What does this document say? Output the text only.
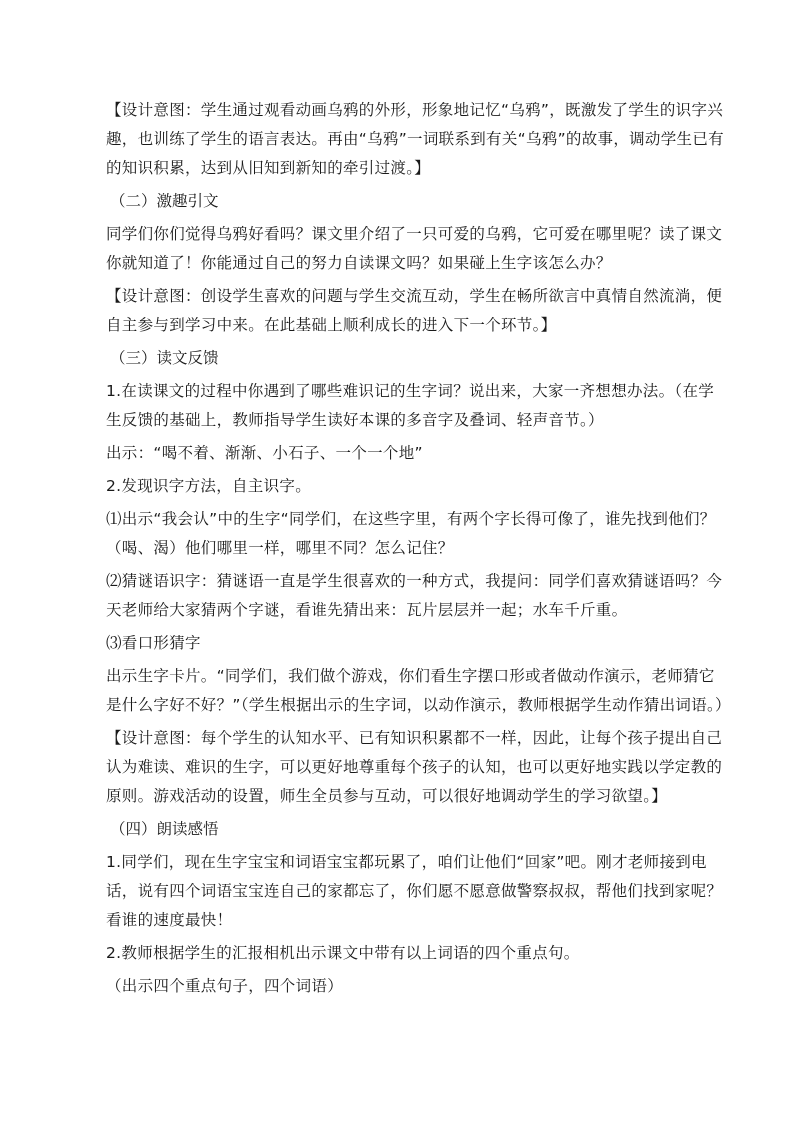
【设计意图：学生通过观看动画乌鸦的外形，形象地记忆“乌鸦”，既激发了学生的识字兴趣，也训练了学生的语言表达。再由“乌鸦”一词联系到有关“乌鸦”的故事，调动学生已有的知识积累，达到从旧知到新知的牵引过渡。】

（二）激趣引文

同学们你们觉得乌鸦好看吗？课文里介绍了一只可爱的乌鸦，它可爱在哪里呢？读了课文你就知道了！你能通过自己的努力自读课文吗？如果碰上生字该怎么办？

【设计意图：创设学生喜欢的问题与学生交流互动，学生在畅所欲言中真情自然流淌，便自主参与到学习中来。在此基础上顺利成长的进入下一个环节。】

（三）读文反馈

1.在读课文的过程中你遇到了哪些难识记的生字词？说出来，大家一齐想想办法。（在学生反馈的基础上，教师指导学生读好本课的多音字及叠词、轻声音节。）

出示：“喝不着、渐渐、小石子、一个一个地”

2.发现识字方法，自主识字。

⑴出示“我会认”中的生字“同学们，在这些字里，有两个字长得可像了，谁先找到他们？（喝、渴）他们哪里一样，哪里不同？怎么记住？

⑵猜谜语识字：猜谜语一直是学生很喜欢的一种方式，我提问：同学们喜欢猜谜语吗？今天老师给大家猜两个字谜，看谁先猜出来：瓦片层层并一起；水车千斤重。

⑶看口形猜字

出示生字卡片。“同学们，我们做个游戏，你们看生字摆口形或者做动作演示，老师猜它是什么字好不好？”（学生根据出示的生字词，以动作演示，教师根据学生动作猜出词语。）

【设计意图：每个学生的认知水平、已有知识积累都不一样，因此，让每个孩子提出自己认为难读、难识的生字，可以更好地尊重每个孩子的认知，也可以更好地实践以学定教的原则。游戏活动的设置，师生全员参与互动，可以很好地调动学生的学习欲望。】

（四）朗读感悟

1.同学们，现在生字宝宝和词语宝宝都玩累了，咱们让他们“回家”吧。刚才老师接到电话，说有四个词语宝宝连自己的家都忘了，你们愿不愿意做警察叔叔，帮他们找到家呢？看谁的速度最快！

2.教师根据学生的汇报相机出示课文中带有以上词语的四个重点句。

（出示四个重点句子，四个词语）
